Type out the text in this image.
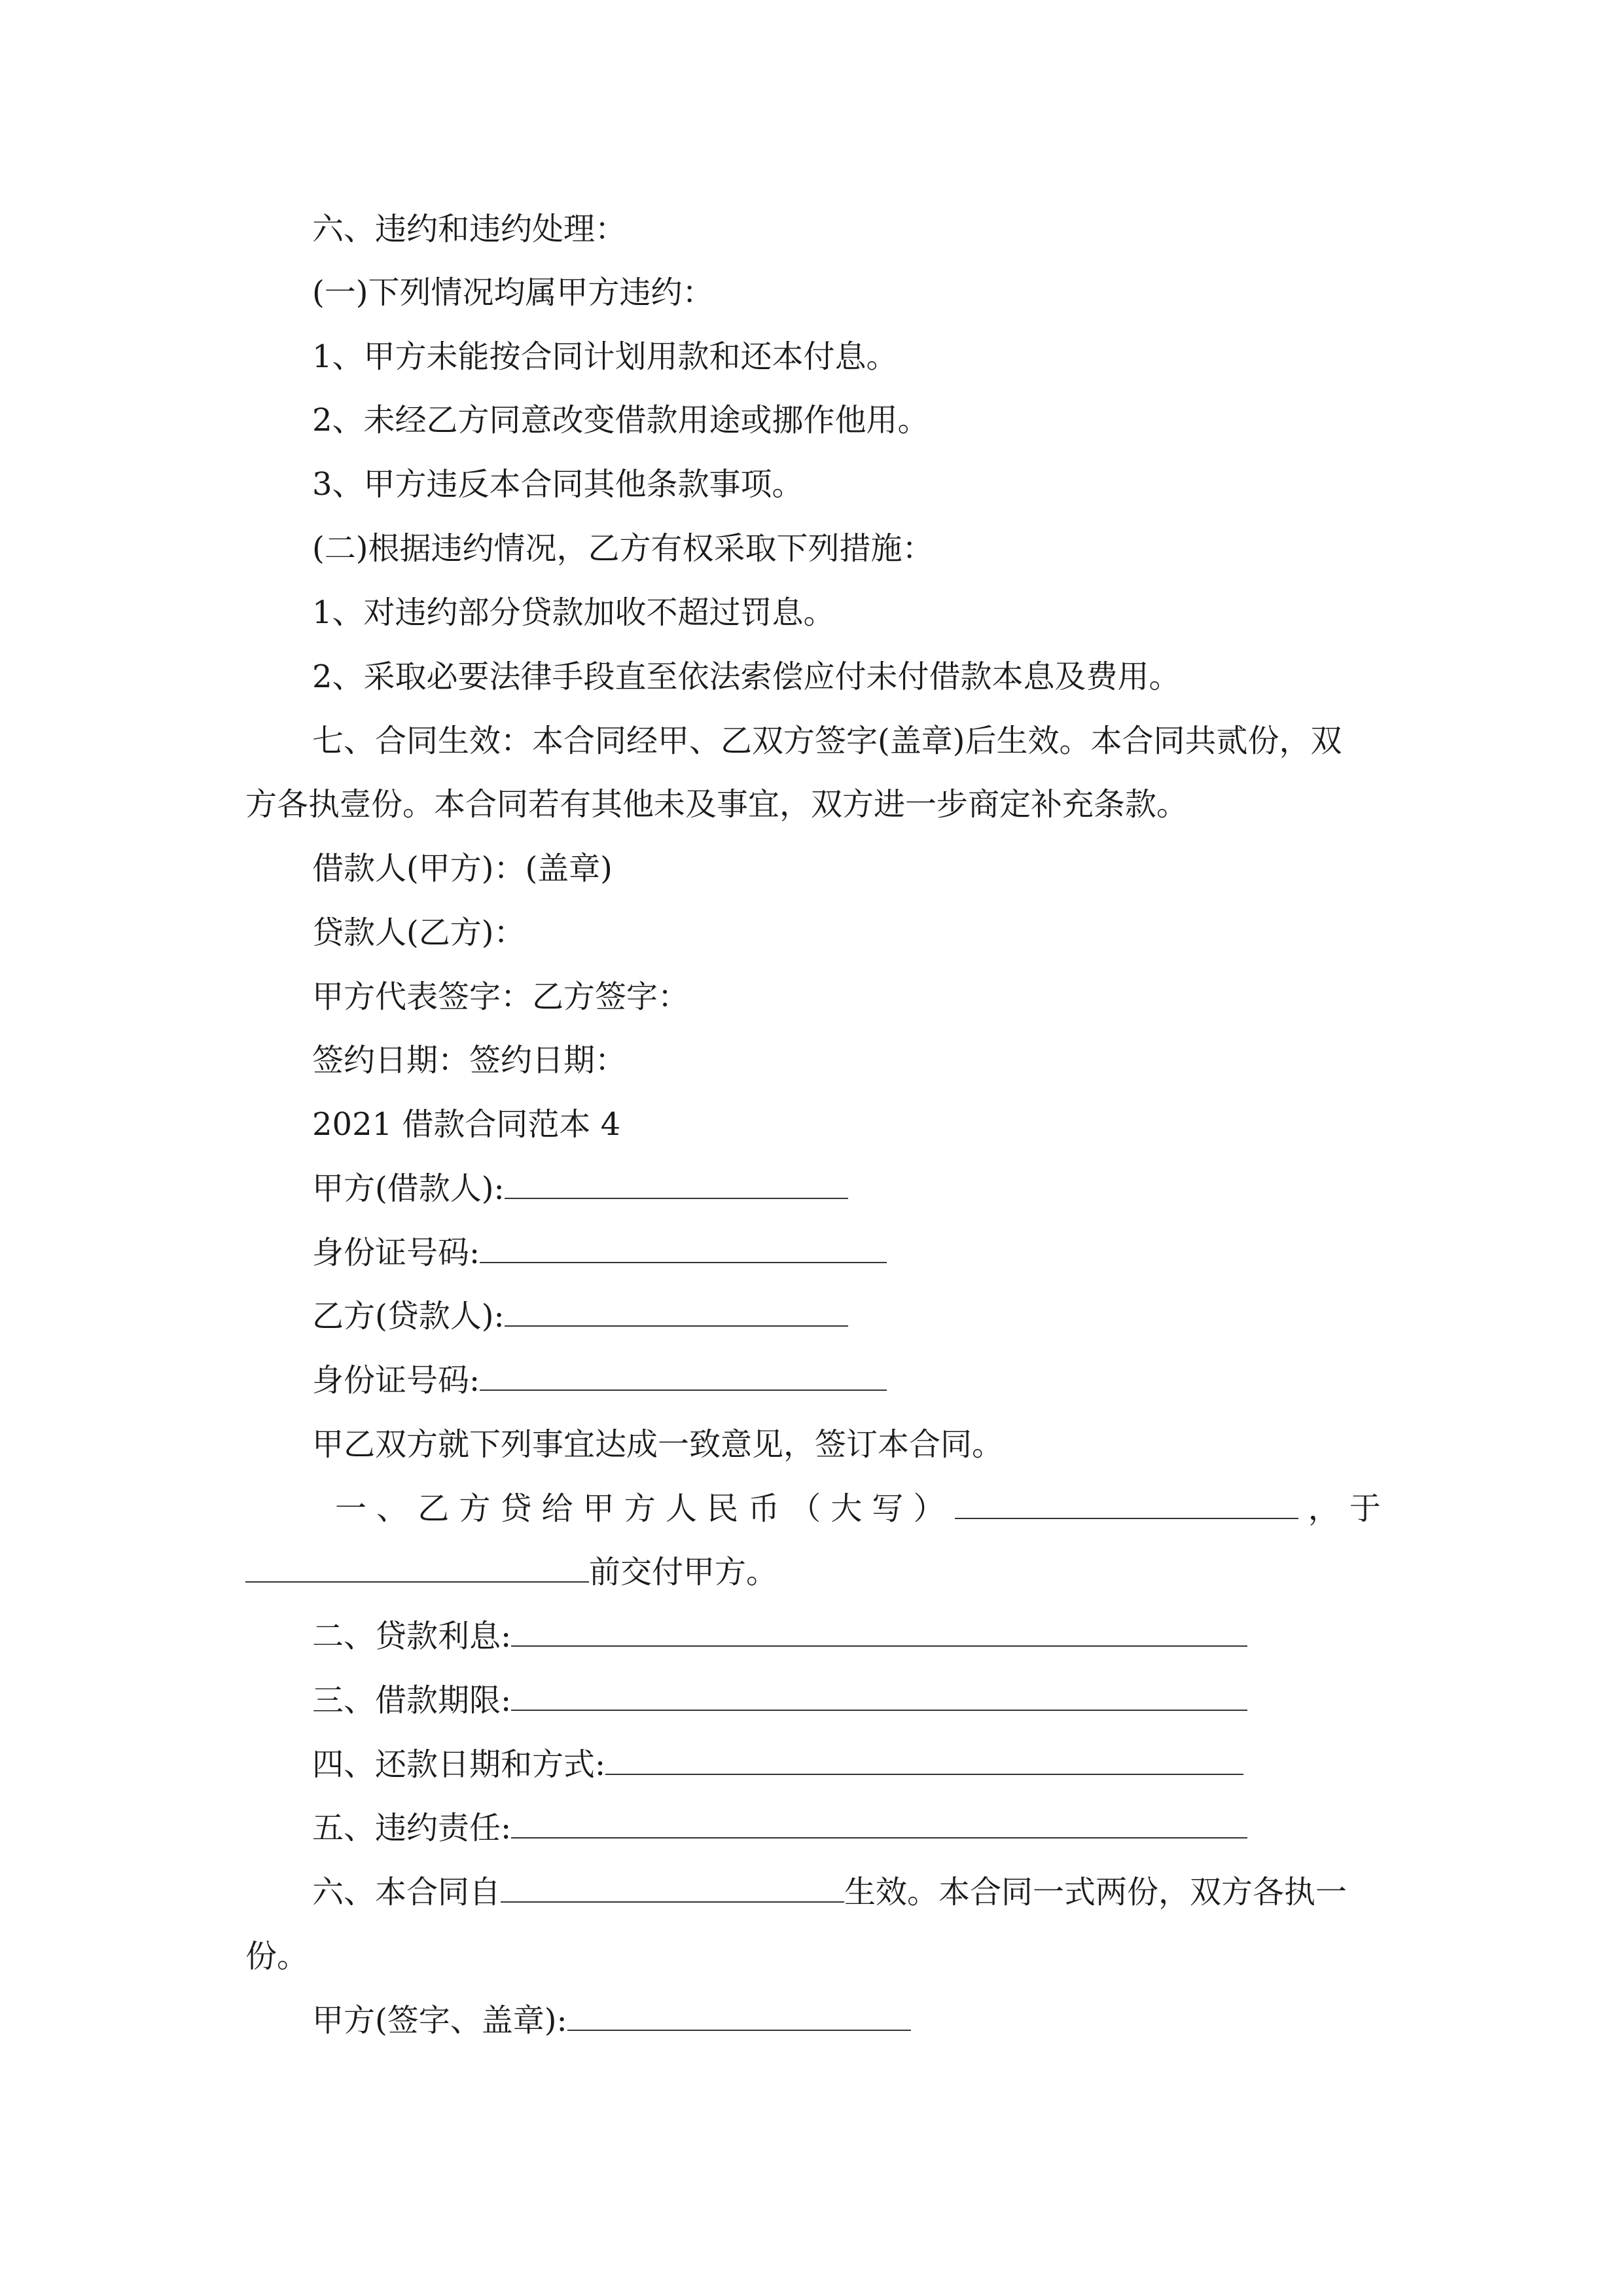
六、违约和违约处理：
(一)下列情况均属甲方违约：
1、甲方未能按合同计划用款和还本付息。
2、未经乙方同意改变借款用途或挪作他用。
3、甲方违反本合同其他条款事项。
(二)根据违约情况，乙方有权采取下列措施：
1、对违约部分贷款加收不超过罚息。
2、采取必要法律手段直至依法索偿应付未付借款本息及费用。
七、合同生效：本合同经甲、乙双方签字(盖章)后生效。本合同共贰份，双
方各执壹份。本合同若有其他未及事宜，双方进一步商定补充条款。
借款人(甲方)：(盖章)
贷款人(乙方)：
甲方代表签字：乙方签字：
签约日期：签约日期：
2021 借款合同范本 4
甲方(借款人):
身份证号码:
乙方(贷款人):
身份证号码:
甲乙双方就下列事宜达成一致意见，签订本合同。
一 、 乙 方 贷 给 甲 方 人 民 币 （ 大 写 ）	， 于
前交付甲方。
二、贷款利息:
三、借款期限:
四、还款日期和方式:
五、违约责任:
六、本合同自	生效。本合同一式两份，双方各执一
份。
甲方(签字、盖章):
